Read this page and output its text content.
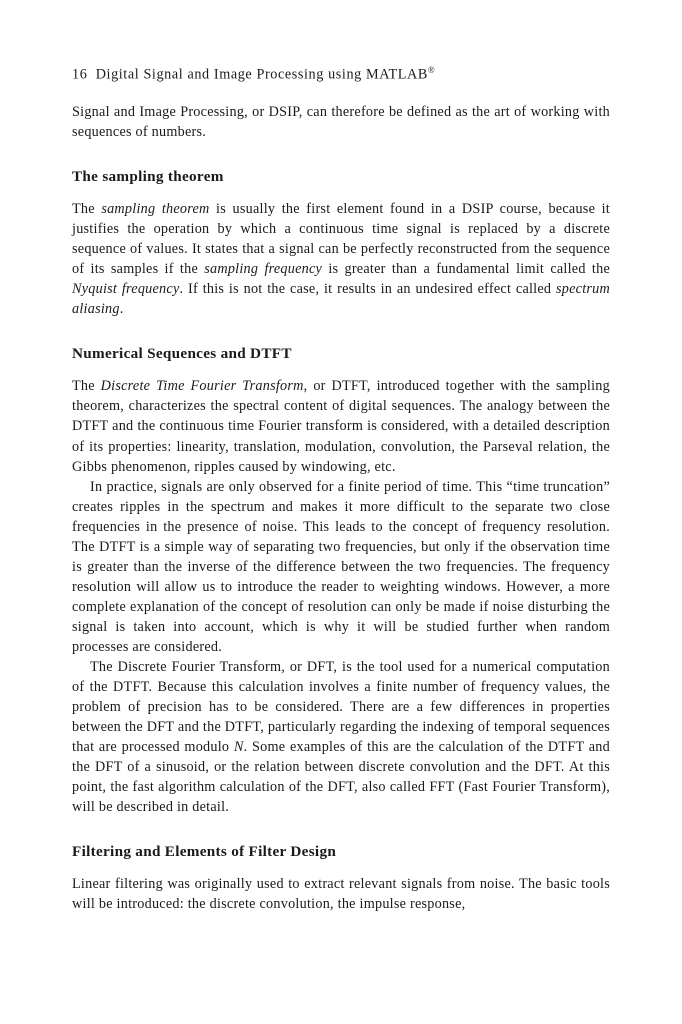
16 Digital Signal and Image Processing using MATLAB®

Signal and Image Processing, or DSIP, can therefore be defined as the art of working with sequences of numbers.

The sampling theorem

The sampling theorem is usually the first element found in a DSIP course, because it justifies the operation by which a continuous time signal is replaced by a discrete sequence of values. It states that a signal can be perfectly reconstructed from the sequence of its samples if the sampling frequency is greater than a fundamental limit called the Nyquist frequency. If this is not the case, it results in an undesired effect called spectrum aliasing.

Numerical Sequences and DTFT

The Discrete Time Fourier Transform, or DTFT, introduced together with the sampling theorem, characterizes the spectral content of digital sequences. The analogy between the DTFT and the continuous time Fourier transform is considered, with a detailed description of its properties: linearity, translation, modulation, convolution, the Parseval relation, the Gibbs phenomenon, ripples caused by windowing, etc.

In practice, signals are only observed for a finite period of time. This “time truncation” creates ripples in the spectrum and makes it more difficult to the separate two close frequencies in the presence of noise. This leads to the concept of frequency resolution. The DTFT is a simple way of separating two frequencies, but only if the observation time is greater than the inverse of the difference between the two frequencies. The frequency resolution will allow us to introduce the reader to weighting windows. However, a more complete explanation of the concept of resolution can only be made if noise disturbing the signal is taken into account, which is why it will be studied further when random processes are considered.

The Discrete Fourier Transform, or DFT, is the tool used for a numerical computation of the DTFT. Because this calculation involves a finite number of frequency values, the problem of precision has to be considered. There are a few differences in properties between the DFT and the DTFT, particularly regarding the indexing of temporal sequences that are processed modulo N. Some examples of this are the calculation of the DTFT and the DFT of a sinusoid, or the relation between discrete convolution and the DFT. At this point, the fast algorithm calculation of the DFT, also called FFT (Fast Fourier Transform), will be described in detail.

Filtering and Elements of Filter Design

Linear filtering was originally used to extract relevant signals from noise. The basic tools will be introduced: the discrete convolution, the impulse response,
